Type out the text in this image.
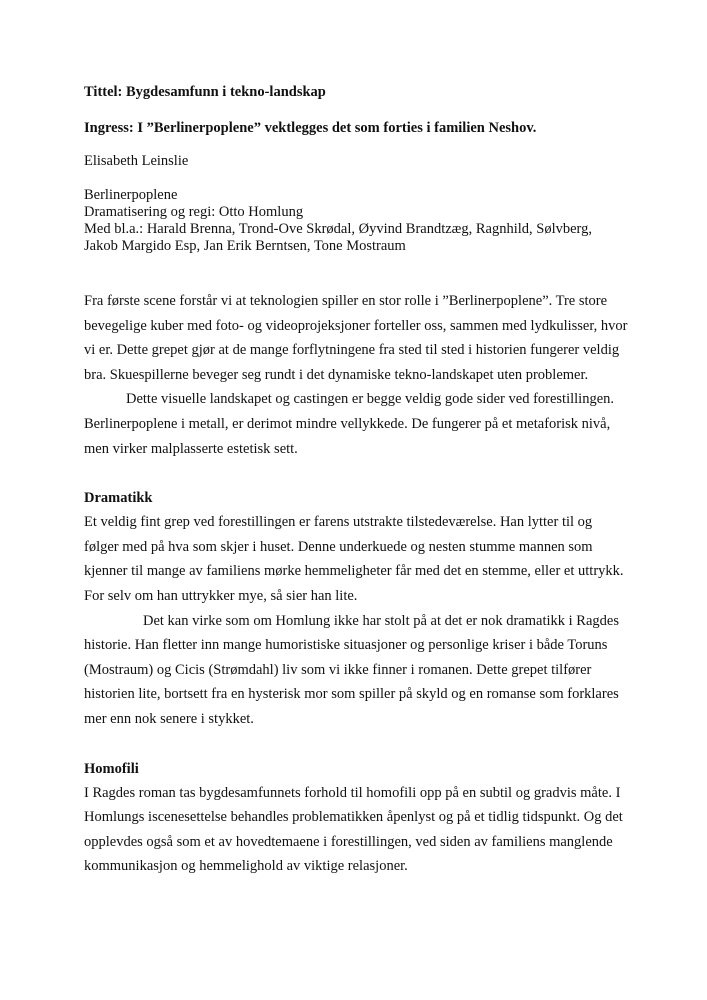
Tittel: Bygdesamfunn i tekno-landskap

Ingress: I ”Berlinerpoplene” vektlegges det som forties i familien Neshov.

Elisabeth Leinslie

Berlinerpoplene
Dramatisering og regi: Otto Homlung
Med bl.a.: Harald Brenna, Trond-Ove Skrødal, Øyvind Brandtzæg, Ragnhild, Sølvberg, Jakob Margido Esp, Jan Erik Berntsen, Tone Mostraum

Fra første scene forstår vi at teknologien spiller en stor rolle i ”Berlinerpoplene”. Tre store bevegelige kuber med foto- og videoprojeksjoner forteller oss, sammen med lydkulisser, hvor vi er. Dette grepet gjør at de mange forflytningene fra sted til sted i historien fungerer veldig bra. Skuespillerne beveger seg rundt i det dynamiske tekno-landskapet uten problemer.

Dette visuelle landskapet og castingen er begge veldig gode sider ved forestillingen. Berlinerpoplene i metall, er derimot mindre vellykkede. De fungerer på et metaforisk nivå, men virker malplasserte estetisk sett.

Dramatikk

Et veldig fint grep ved forestillingen er farens utstrakte tilstedeværelse. Han lytter til og følger med på hva som skjer i huset. Denne underkuede og nesten stumme mannen som kjenner til mange av familiens mørke hemmeligheter får med det en stemme, eller et uttrykk. For selv om han uttrykker mye, så sier han lite.

Det kan virke som om Homlung ikke har stolt på at det er nok dramatikk i Ragdes historie. Han fletter inn mange humoristiske situasjoner og personlige kriser i både Toruns (Mostraum) og Cicis (Strømdahl) liv som vi ikke finner i romanen. Dette grepet tilfører historien lite, bortsett fra en hysterisk mor som spiller på skyld og en romanse som forklares mer enn nok senere i stykket.

Homofili

I Ragdes roman tas bygdesamfunnets forhold til homofili opp på en subtil og gradvis måte. I Homlungs iscenesettelse behandles problematikken åpenlyst og på et tidlig tidspunkt. Og det opplevdes også som et av hovedtemaene i forestillingen, ved siden av familiens manglende kommunikasjon og hemmelighold av viktige relasjoner.
